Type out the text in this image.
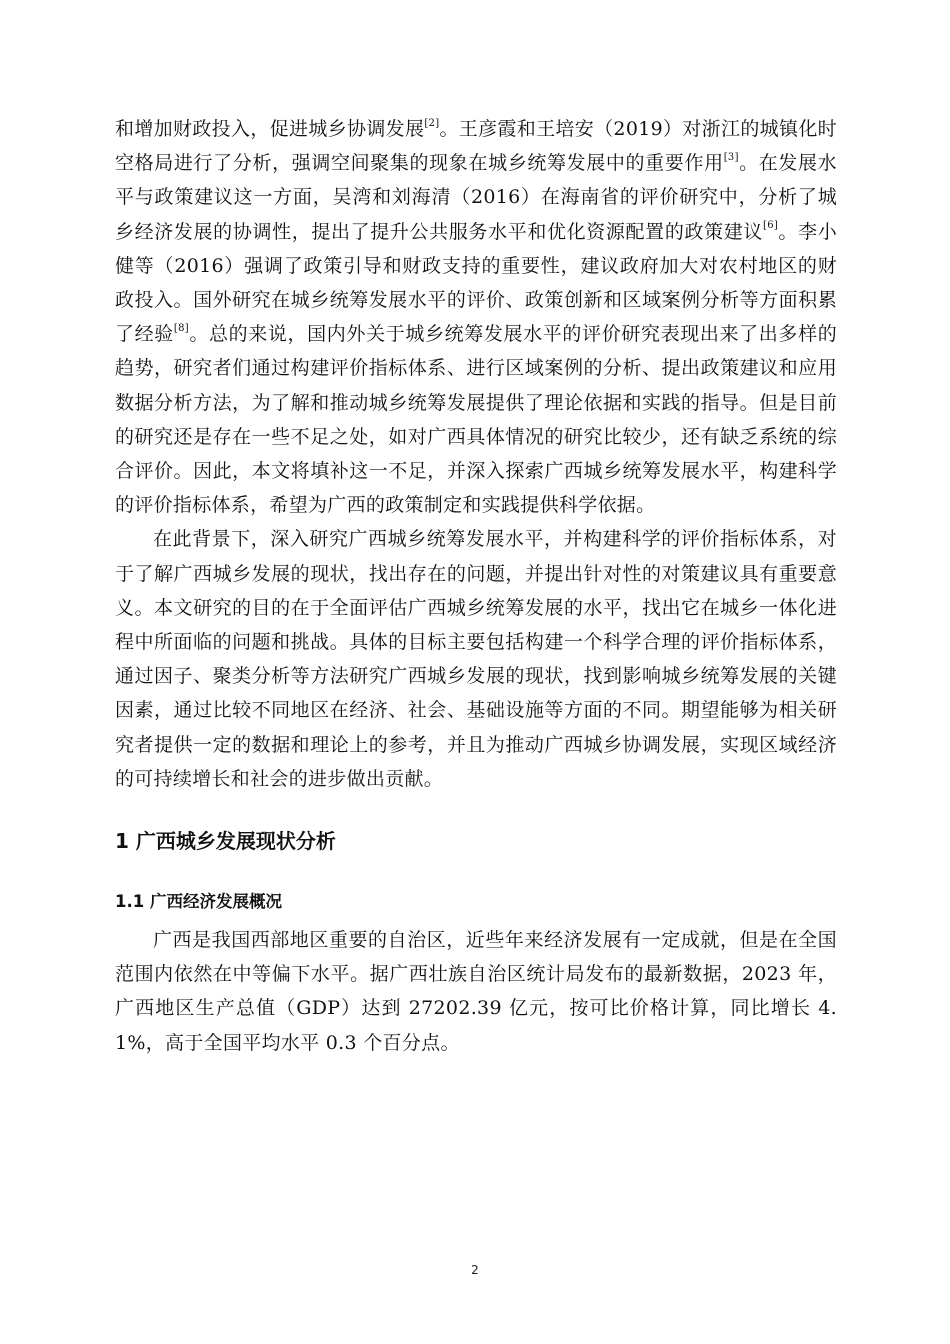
和增加财政投入，促进城乡协调发展[2]。王彦霞和王培安（2019）对浙江的城镇化时空格局进行了分析，强调空间聚集的现象在城乡统筹发展中的重要作用[3]。在发展水平与政策建议这一方面，吴湾和刘海清（2016）在海南省的评价研究中，分析了城乡经济发展的协调性，提出了提升公共服务水平和优化资源配置的政策建议[6]。李小健等（2016）强调了政策引导和财政支持的重要性，建议政府加大对农村地区的财政投入。国外研究在城乡统筹发展水平的评价、政策创新和区域案例分析等方面积累了经验[8]。总的来说，国内外关于城乡统筹发展水平的评价研究表现出来了出多样的趋势，研究者们通过构建评价指标体系、进行区域案例的分析、提出政策建议和应用数据分析方法，为了解和推动城乡统筹发展提供了理论依据和实践的指导。但是目前的研究还是存在一些不足之处，如对广西具体情况的研究比较少，还有缺乏系统的综合评价。因此，本文将填补这一不足，并深入探索广西城乡统筹发展水平，构建科学的评价指标体系，希望为广西的政策制定和实践提供科学依据。

在此背景下，深入研究广西城乡统筹发展水平，并构建科学的评价指标体系，对于了解广西城乡发展的现状，找出存在的问题，并提出针对性的对策建议具有重要意义。本文研究的目的在于全面评估广西城乡统筹发展的水平，找出它在城乡一体化进程中所面临的问题和挑战。具体的目标主要包括构建一个科学合理的评价指标体系，通过因子、聚类分析等方法研究广西城乡发展的现状，找到影响城乡统筹发展的关键因素，通过比较不同地区在经济、社会、基础设施等方面的不同。期望能够为相关研究者提供一定的数据和理论上的参考，并且为推动广西城乡协调发展，实现区域经济的可持续增长和社会的进步做出贡献。

1 广西城乡发展现状分析
1.1 广西经济发展概况

广西是我国西部地区重要的自治区，近些年来经济发展有一定成就，但是在全国范围内依然在中等偏下水平。据广西壮族自治区统计局发布的最新数据，2023 年，广西地区生产总值（GDP）达到 27202.39 亿元，按可比价格计算，同比增长 4.1%，高于全国平均水平 0.3 个百分点。

2
